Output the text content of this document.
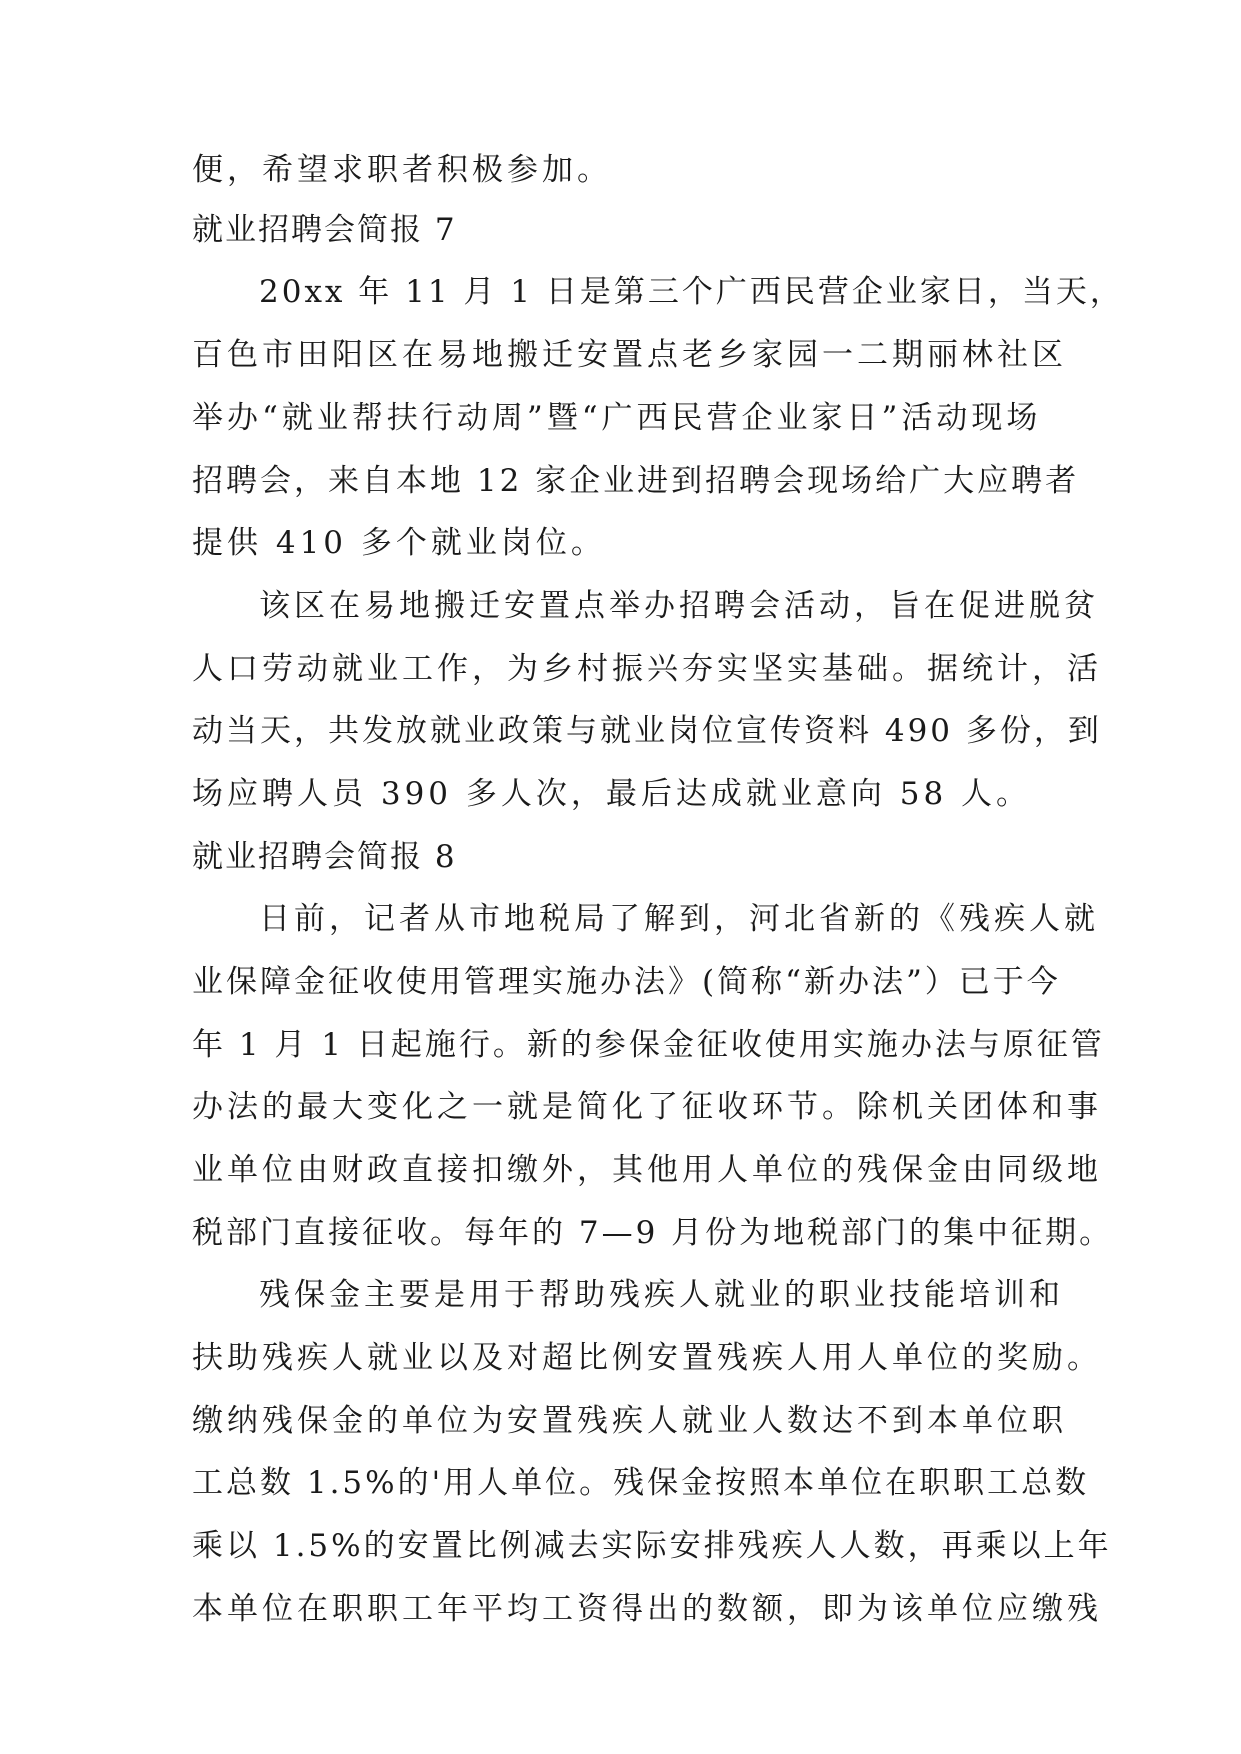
便，希望求职者积极参加。
就业招聘会简报 7
20xx 年 11 月 1 日是第三个广西民营企业家日，当天，
百色市田阳区在易地搬迁安置点老乡家园一二期丽林社区
举办“就业帮扶行动周”暨“广西民营企业家日”活动现场
招聘会，来自本地 12 家企业进到招聘会现场给广大应聘者
提供 410 多个就业岗位。
该区在易地搬迁安置点举办招聘会活动，旨在促进脱贫
人口劳动就业工作，为乡村振兴夯实坚实基础。据统计，活
动当天，共发放就业政策与就业岗位宣传资料 490 多份，到
场应聘人员 390 多人次，最后达成就业意向 58 人。
就业招聘会简报 8
日前，记者从市地税局了解到，河北省新的《残疾人就
业保障金征收使用管理实施办法》(简称“新办法”）已于今
年 1 月 1 日起施行。新的参保金征收使用实施办法与原征管
办法的最大变化之一就是简化了征收环节。除机关团体和事
业单位由财政直接扣缴外，其他用人单位的残保金由同级地
税部门直接征收。每年的 7—9 月份为地税部门的集中征期。
残保金主要是用于帮助残疾人就业的职业技能培训和
扶助残疾人就业以及对超比例安置残疾人用人单位的奖励。
缴纳残保金的单位为安置残疾人就业人数达不到本单位职
工总数 1.5%的'用人单位。残保金按照本单位在职职工总数
乘以 1.5%的安置比例减去实际安排残疾人人数，再乘以上年
本单位在职职工年平均工资得出的数额，即为该单位应缴残
